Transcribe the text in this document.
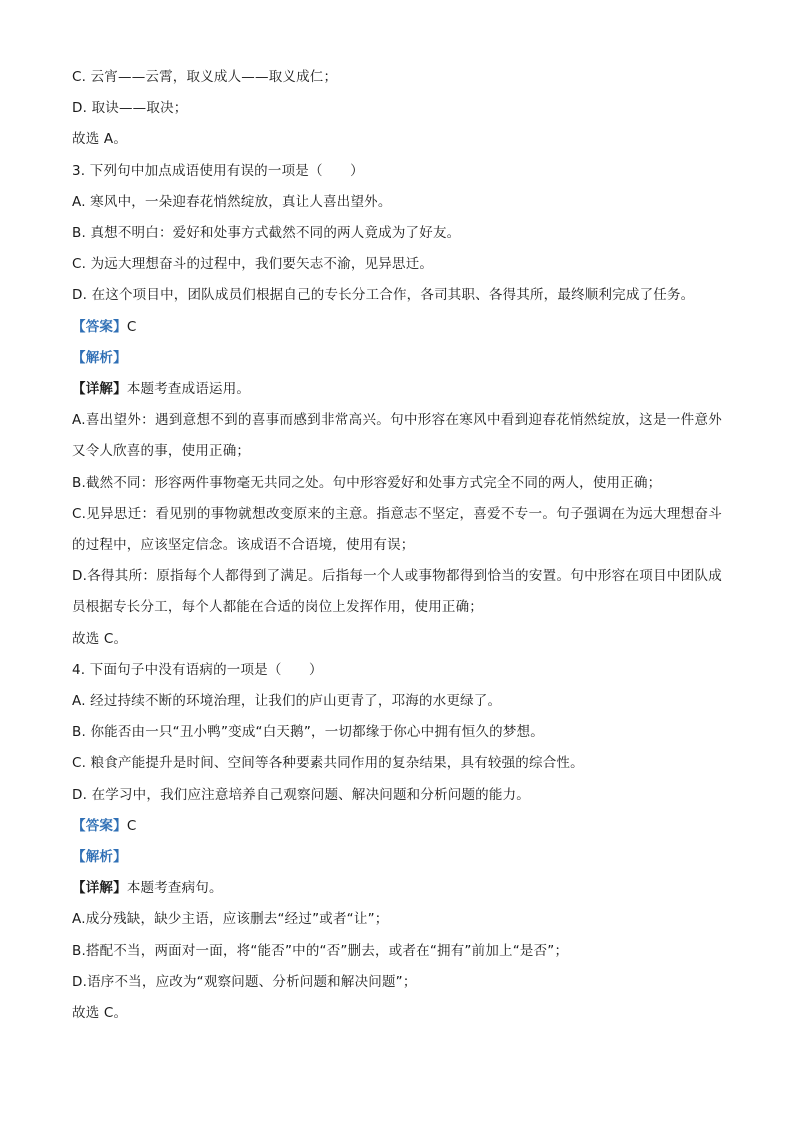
C. 云宵——云霄，取义成人——取义成仁；
D. 取诀——取决；
故选 A。
3. 下列句中加点成语使用有误的一项是（　　）
A. 寒风中，一朵迎春花悄然绽放，真让人喜出望外。
B. 真想不明白：爱好和处事方式截然不同的两人竟成为了好友。
C. 为远大理想奋斗的过程中，我们要矢志不渝，见异思迁。
D. 在这个项目中，团队成员们根据自己的专长分工合作，各司其职、各得其所，最终顺利完成了任务。
【答案】C
【解析】
【详解】本题考查成语运用。
A.喜出望外：遇到意想不到的喜事而感到非常高兴。句中形容在寒风中看到迎春花悄然绽放，这是一件意外又令人欣喜的事，使用正确；
B.截然不同：形容两件事物毫无共同之处。句中形容爱好和处事方式完全不同的两人，使用正确；
C.见异思迁：看见别的事物就想改变原来的主意。指意志不坚定，喜爱不专一。句子强调在为远大理想奋斗的过程中，应该坚定信念。该成语不合语境，使用有误；
D.各得其所：原指每个人都得到了满足。后指每一个人或事物都得到恰当的安置。句中形容在项目中团队成员根据专长分工，每个人都能在合适的岗位上发挥作用，使用正确；
故选 C。
4. 下面句子中没有语病的一项是（　　）
A. 经过持续不断的环境治理，让我们的庐山更青了，邛海的水更绿了。
B. 你能否由一只“丑小鸭”变成“白天鹅”，一切都缘于你心中拥有恒久的梦想。
C. 粮食产能提升是时间、空间等各种要素共同作用的复杂结果，具有较强的综合性。
D. 在学习中，我们应注意培养自己观察问题、解决问题和分析问题的能力。
【答案】C
【解析】
【详解】本题考查病句。
A.成分残缺，缺少主语，应该删去“经过”或者“让”；
B.搭配不当，两面对一面，将“能否”中的“否”删去，或者在“拥有”前加上“是否”；
D.语序不当，应改为“观察问题、分析问题和解决问题”；
故选 C。
